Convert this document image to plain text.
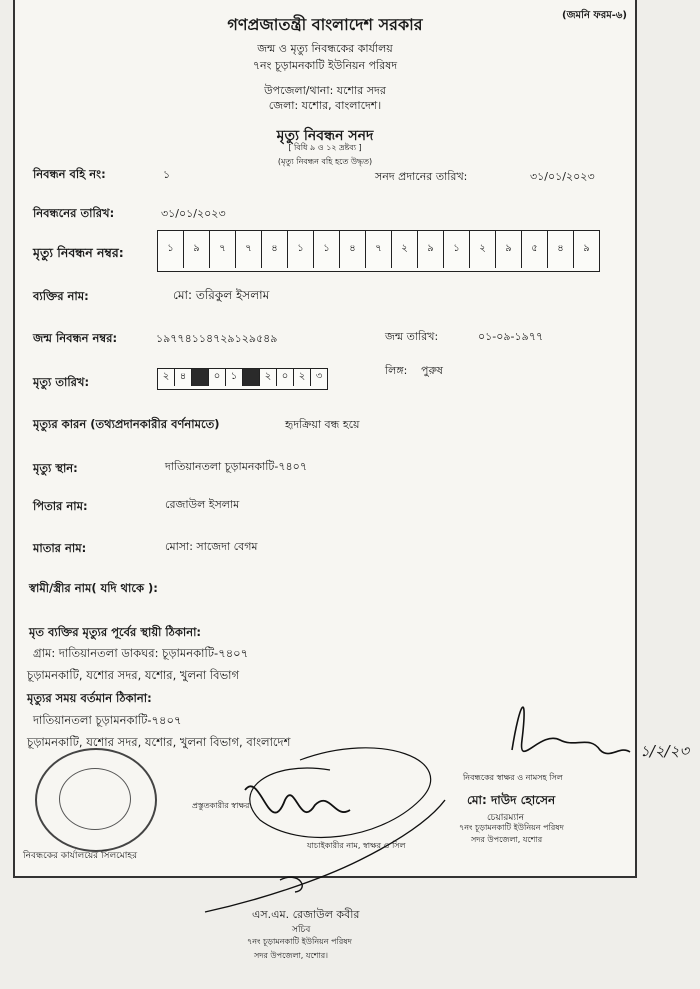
(জমনি ফরম-৬)
গণপ্রজাতন্ত্রী বাংলাদেশ সরকার
জন্ম ও মৃত্যু নিবন্ধকের কার্যালয়
৭নং চূড়ামনকাটি ইউনিয়ন পরিষদ
উপজেলা/থানা: যশোর সদর
জেলা: যশোর, বাংলাদেশ।
মৃত্যু নিবন্ধন সনদ
[ বিধি ৯ ও ১২ দ্রষ্টব্য ]
(মৃত্যু নিবন্ধন বহি হতে উদ্ধৃত)
নিবন্ধন বহি নং:	১	সনদ প্রদানের তারিখ:	৩১/০১/২০২৩
নিবন্ধনের তারিখ:	৩১/০১/২০২৩
মৃত্যু নিবন্ধন নম্বর:	১	৯	৭	৭	৪	১	১	৪	৭	২	৯	১	২	৯	৫	৪	৯
ব্যক্তির নাম:	মো: তরিকুল ইসলাম
জন্ম নিবন্ধন নম্বর:	১৯৭৭৪১১৪৭২৯১২৯৫৪৯	জন্ম তারিখ:	০১-০৯-১৯৭৭
লিঙ্গ: পুরুষ
মৃত্যু তারিখ:	২	৪	০	১	২	০	২	৩
মৃত্যুর কারন (তথ্যপ্রদানকারীর বর্ণনামতে)	হৃদক্রিয়া বন্ধ হয়ে
মৃত্যু স্থান:	দাতিয়ানতলা চূড়ামনকাটি-৭৪০৭
পিতার নাম:	রেজাউল ইসলাম
মাতার নাম:	মোসা: সাজেদা বেগম
স্বামী/স্ত্রীর নাম( যদি থাকে ):
মৃত ব্যক্তির মৃত্যুর পূর্বের স্থায়ী ঠিকানা:
গ্রাম: দাতিয়ানতলা ডাকঘর: চূড়ামনকাটি-৭৪০৭
চূড়ামনকাটি, যশোর সদর, যশোর, খুলনা বিভাগ
মৃত্যুর সময় বর্তমান ঠিকানা:
দাতিয়ানতলা চূড়ামনকাটি-৭৪০৭
চূড়ামনকাটি, যশোর সদর, যশোর, খুলনা বিভাগ, বাংলাদেশ
নিবন্ধকের কার্যালয়ের সিলমোহর
প্রস্তুতকারীর স্বাক্ষর
যাচাইকারীর নাম, স্বাক্ষর ও সিল
নিবন্ধকের স্বাক্ষর ও নামসহ সিল
মো: দাউদ হোসেন
চেয়ারম্যান
৭নং চূড়ামনকাটি ইউনিয়ন পরিষদ
সদর উপজেলা, যশোর
এস.এম. রেজাউল কবীর
সচিব
৭নং চূড়ামনকাটি ইউনিয়ন পরিষদ
সদর উপজেলা, যশোর।
১/২/২৩
